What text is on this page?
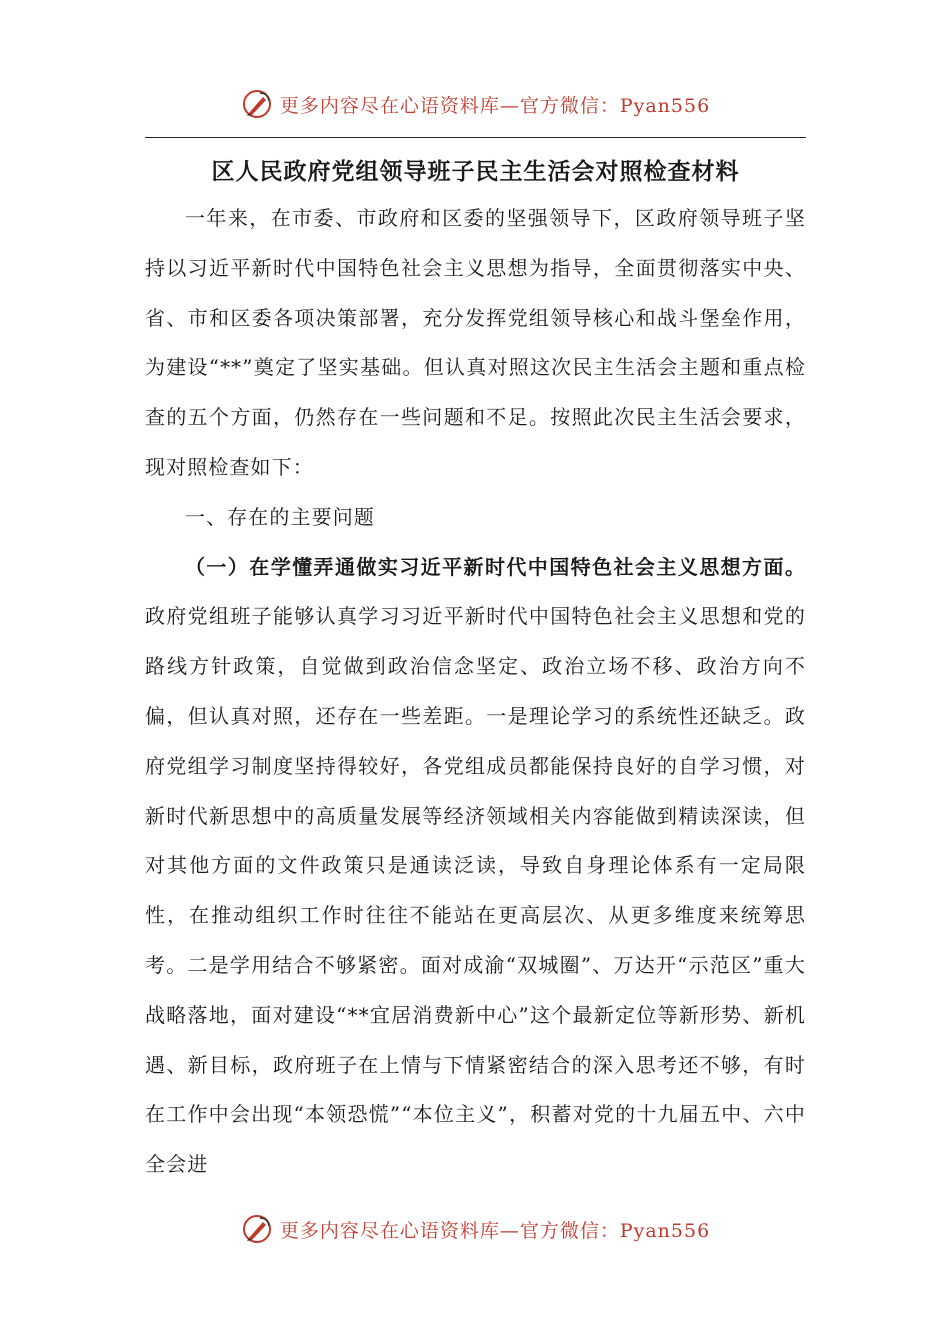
更多内容尽在心语资料库—官方微信：Pyan556
区人民政府党组领导班子民主生活会对照检查材料

一年来，在市委、市政府和区委的坚强领导下，区政府领导班子坚持以习近平新时代中国特色社会主义思想为指导，全面贯彻落实中央、省、市和区委各项决策部署，充分发挥党组领导核心和战斗堡垒作用，为建设“**”奠定了坚实基础。但认真对照这次民主生活会主题和重点检查的五个方面，仍然存在一些问题和不足。按照此次民主生活会要求，现对照检查如下：

一、存在的主要问题

（一）在学懂弄通做实习近平新时代中国特色社会主义思想方面。政府党组班子能够认真学习习近平新时代中国特色社会主义思想和党的路线方针政策，自觉做到政治信念坚定、政治立场不移、政治方向不偏，但认真对照，还存在一些差距。一是理论学习的系统性还缺乏。政府党组学习制度坚持得较好，各党组成员都能保持良好的自学习惯，对新时代新思想中的高质量发展等经济领域相关内容能做到精读深读，但对其他方面的文件政策只是通读泛读，导致自身理论体系有一定局限性，在推动组织工作时往往不能站在更高层次、从更多维度来统筹思考。二是学用结合不够紧密。面对成渝“双城圈”、万达开“示范区”重大战略落地，面对建设“**宜居消费新中心”这个最新定位等新形势、新机遇、新目标，政府班子在上情与下情紧密结合的深入思考还不够，有时在工作中会出现“本领恐慌”“本位主义”，积蓄对党的十九届五中、六中全会进

更多内容尽在心语资料库—官方微信：Pyan556
